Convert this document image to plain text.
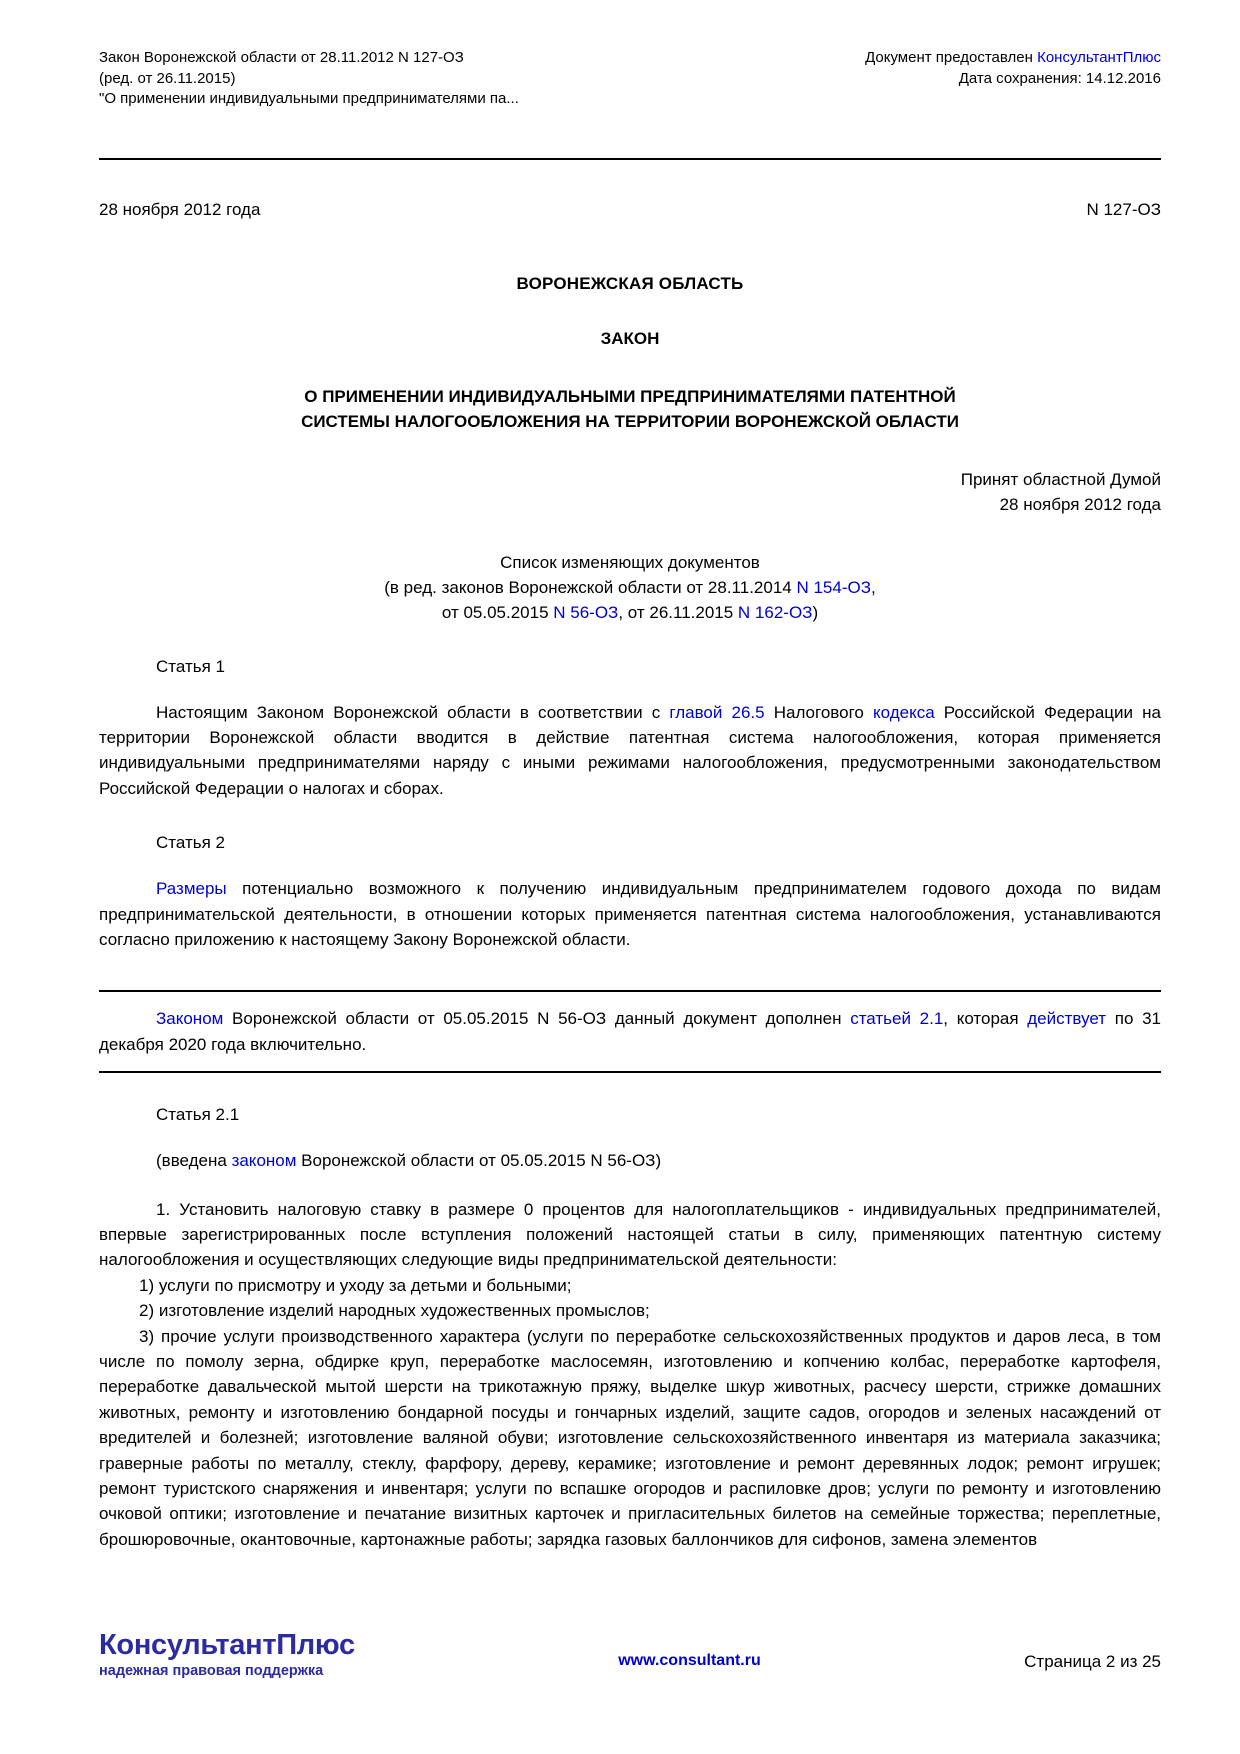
Закон Воронежской области от 28.11.2012 N 127-ОЗ
(ред. от 26.11.2015)
"О применении индивидуальными предпринимателями па...
Документ предоставлен КонсультантПлюс
Дата сохранения: 14.12.2016
28 ноября 2012 года	N 127-ОЗ
ВОРОНЕЖСКАЯ ОБЛАСТЬ
ЗАКОН
О ПРИМЕНЕНИИ ИНДИВИДУАЛЬНЫМИ ПРЕДПРИНИМАТЕЛЯМИ ПАТЕНТНОЙ
СИСТЕМЫ НАЛОГООБЛОЖЕНИЯ НА ТЕРРИТОРИИ ВОРОНЕЖСКОЙ ОБЛАСТИ
Принят областной Думой
28 ноября 2012 года
Список изменяющих документов
(в ред. законов Воронежской области от 28.11.2014 N 154-ОЗ,
от 05.05.2015 N 56-ОЗ, от 26.11.2015 N 162-ОЗ)
Статья 1

Настоящим Законом Воронежской области в соответствии с главой 26.5 Налогового кодекса Российской Федерации на территории Воронежской области вводится в действие патентная система налогообложения, которая применяется индивидуальными предпринимателями наряду с иными режимами налогообложения, предусмотренными законодательством Российской Федерации о налогах и сборах.

Статья 2

Размеры потенциально возможного к получению индивидуальным предпринимателем годового дохода по видам предпринимательской деятельности, в отношении которых применяется патентная система налогообложения, устанавливаются согласно приложению к настоящему Закону Воронежской области.

Законом Воронежской области от 05.05.2015 N 56-ОЗ данный документ дополнен статьей 2.1, которая действует по 31 декабря 2020 года включительно.

Статья 2.1

(введена законом Воронежской области от 05.05.2015 N 56-ОЗ)

1. Установить налоговую ставку в размере 0 процентов для налогоплательщиков - индивидуальных предпринимателей, впервые зарегистрированных после вступления положений настоящей статьи в силу, применяющих патентную систему налогообложения и осуществляющих следующие виды предпринимательской деятельности:

1) услуги по присмотру и уходу за детьми и больными;

2) изготовление изделий народных художественных промыслов;

3) прочие услуги производственного характера (услуги по переработке сельскохозяйственных продуктов и даров леса, в том числе по помолу зерна, обдирке круп, переработке маслосемян, изготовлению и копчению колбас, переработке картофеля, переработке давальческой мытой шерсти на трикотажную пряжу, выделке шкур животных, расчесу шерсти, стрижке домашних животных, ремонту и изготовлению бондарной посуды и гончарных изделий, защите садов, огородов и зеленых насаждений от вредителей и болезней; изготовление валяной обуви; изготовление сельскохозяйственного инвентаря из материала заказчика; граверные работы по металлу, стеклу, фарфору, дереву, керамике; изготовление и ремонт деревянных лодок; ремонт игрушек; ремонт туристского снаряжения и инвентаря; услуги по вспашке огородов и распиловке дров; услуги по ремонту и изготовлению очковой оптики; изготовление и печатание визитных карточек и пригласительных билетов на семейные торжества; переплетные, брошюровочные, окантовочные, картонажные работы; зарядка газовых баллончиков для сифонов, замена элементов

КонсультантПлюс
надежная правовая поддержка
www.consultant.ru	Страница 2 из 25
